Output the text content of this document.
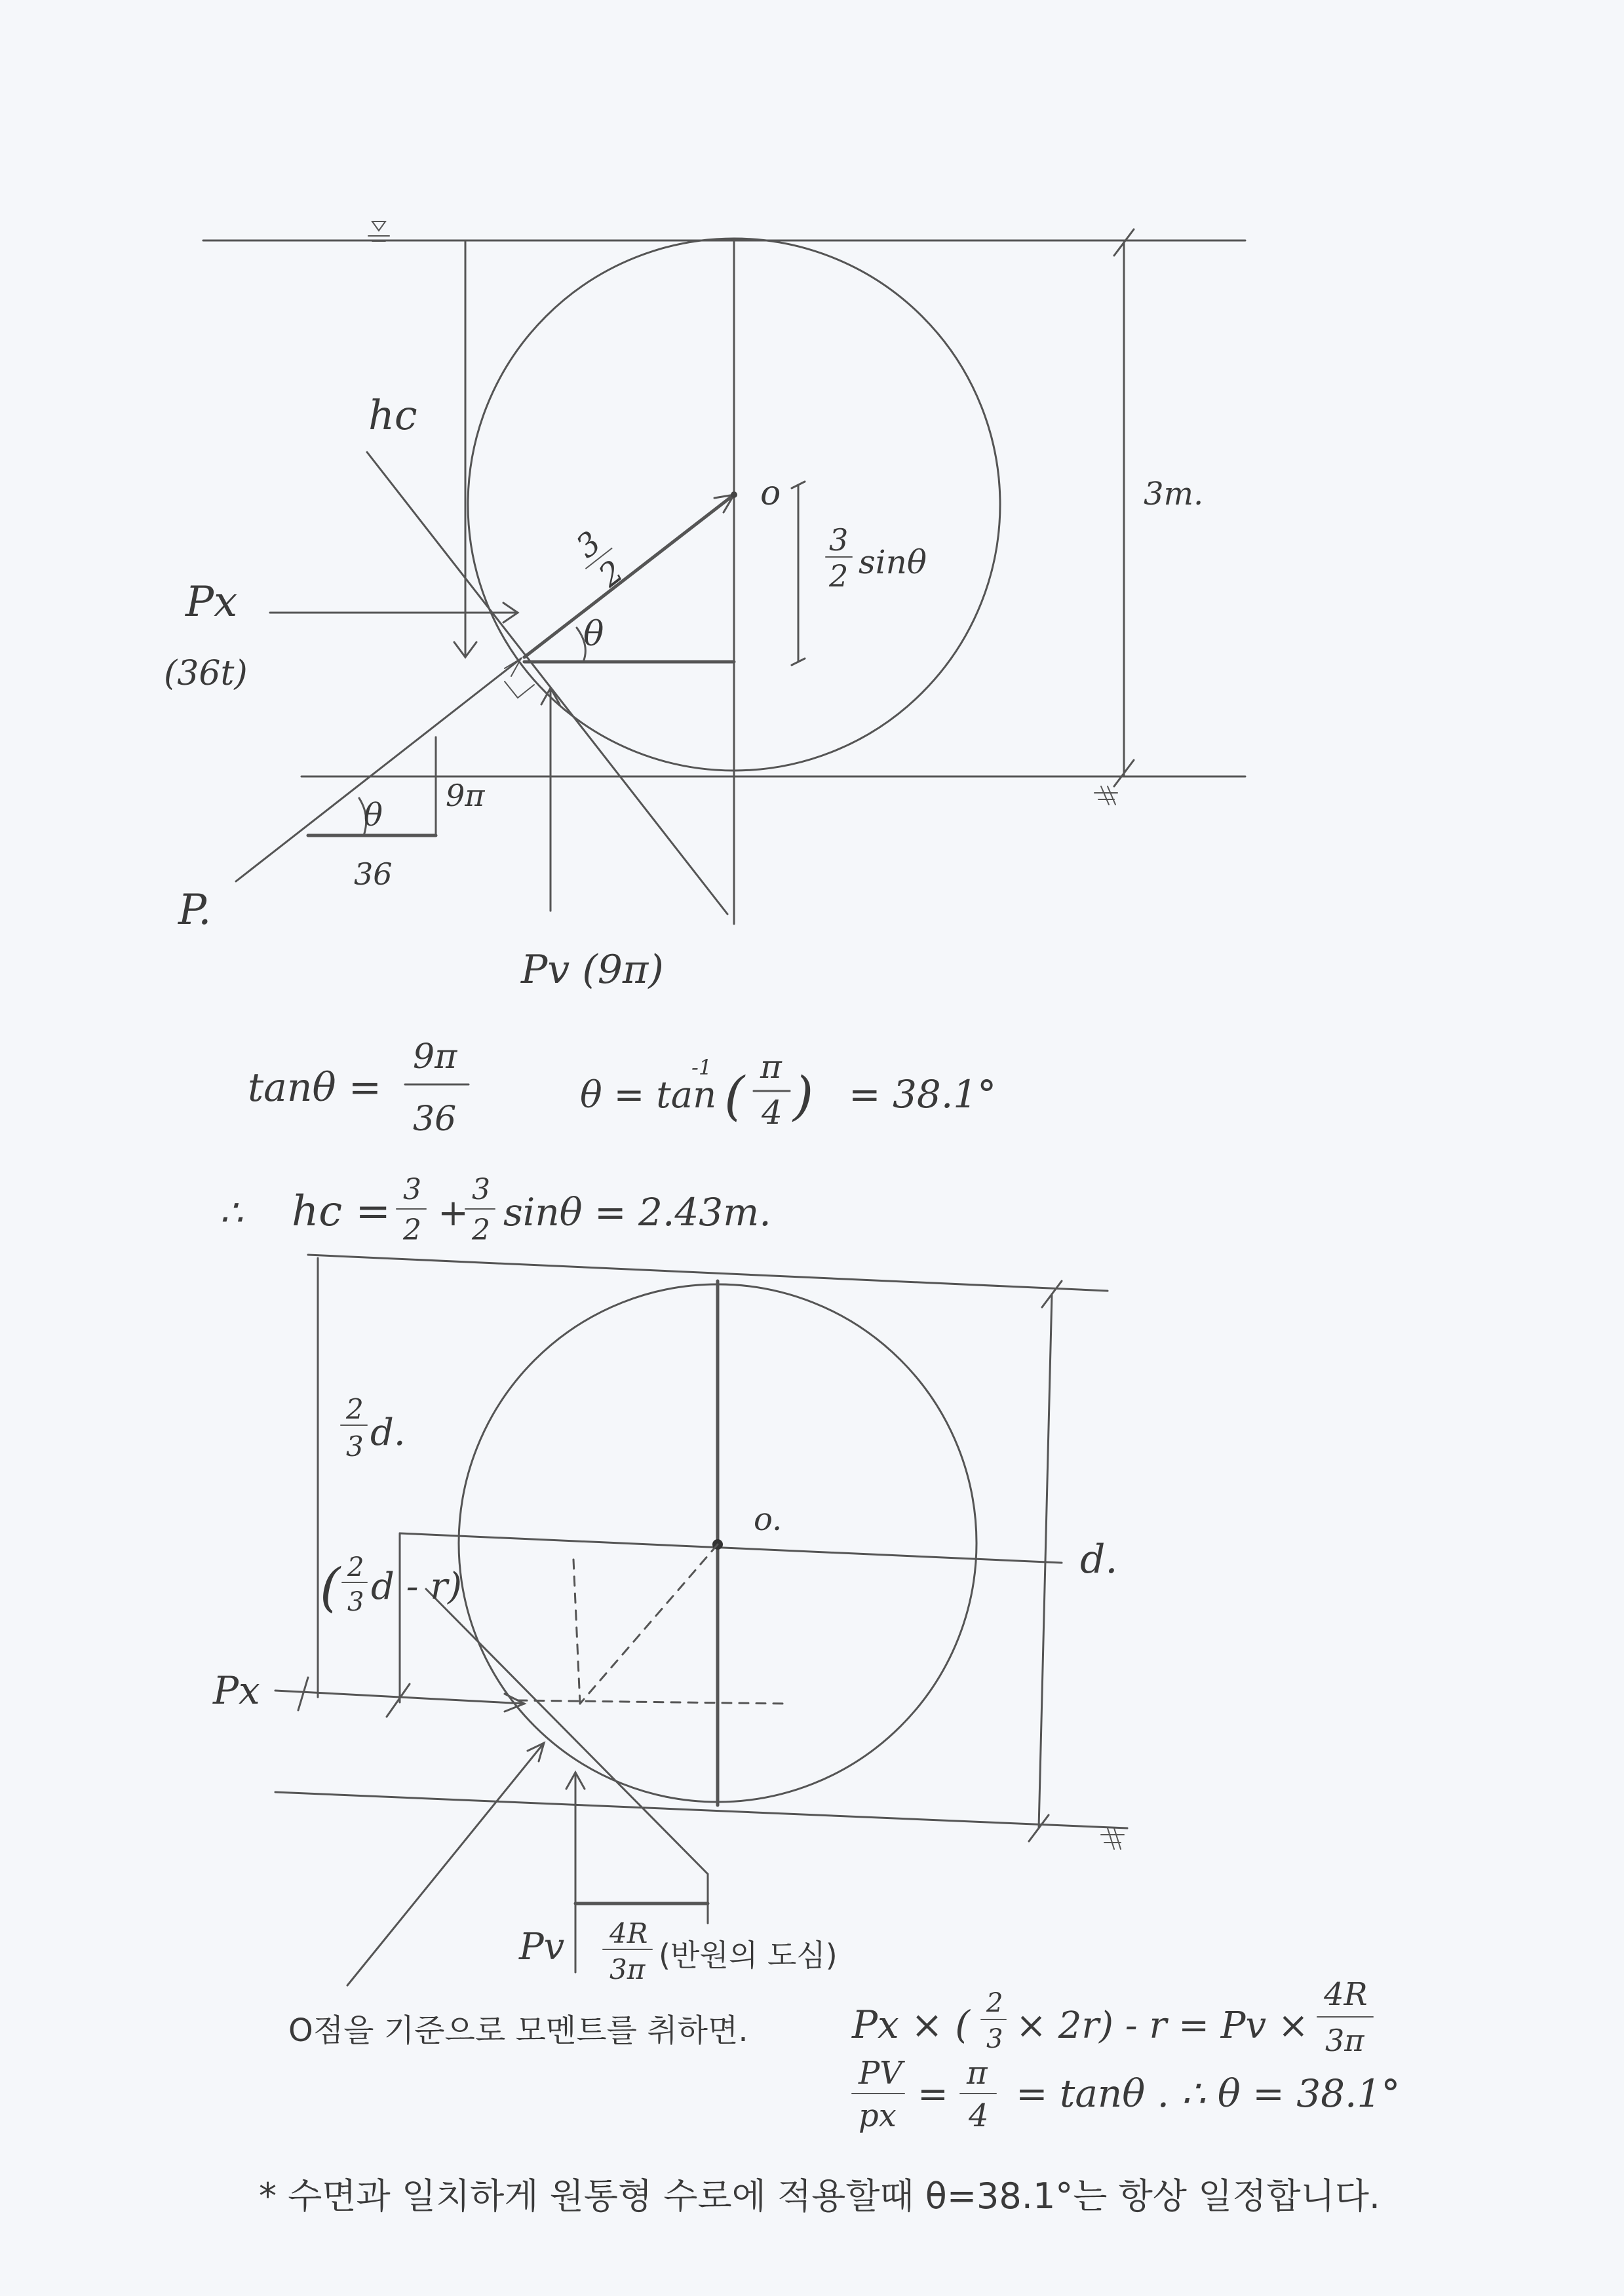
hc
Px
(36t)
o
3
2
3
2 sinθ
θ
θ
9π
36
P.
Pv (9π)
3m.
tanθ =
9π
36
θ = tan
-1 ( π
4 ) = 38.1°
∴ hc = 3
2 +
3
2 sinθ = 2.43m.
2
3 d.
( 2
3 d - r)
o.
d.
Px
Pv 4R
3π (반원의 도심)
O점을 기준으로 모멘트를 취하면.	Px × ( 2
3 × 2r) - r = Pv ×
4R
3π
PV
px = π
4 = tanθ . ∴ θ = 38.1°
* 수면과 일치하게 원통형 수로에 적용할때 θ=38.1°는 항상 일정합니다.
